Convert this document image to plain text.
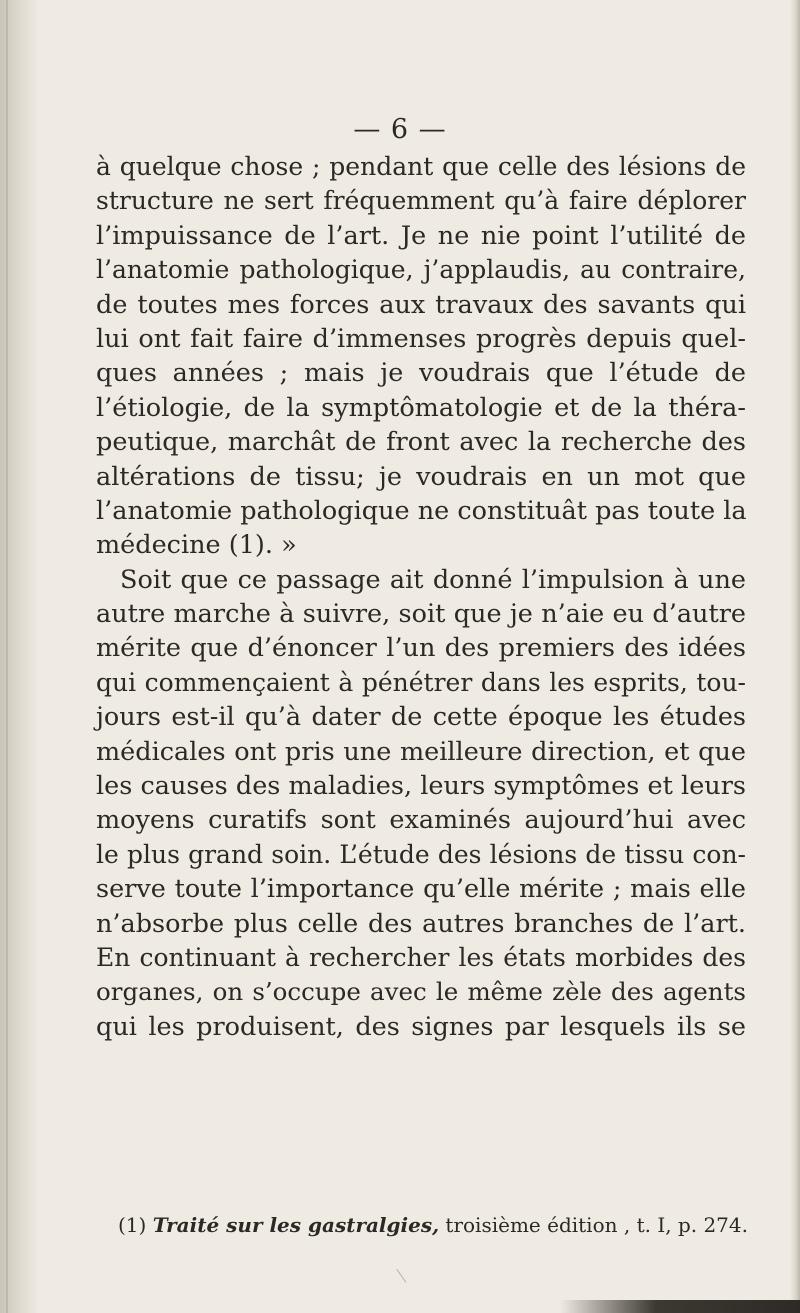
— 6 —
à quelque chose ; pendant que celle des lésions de
structure ne sert fréquemment qu’à faire déplorer
l’impuissance de l’art. Je ne nie point l’utilité de
l’anatomie pathologique, j’applaudis, au contraire,
de toutes mes forces aux travaux des savants qui
lui ont fait faire d’immenses progrès depuis quel-
ques années ; mais je voudrais que l’étude de
l’étiologie, de la symptômatologie et de la théra-
peutique, marchât de front avec la recherche des
altérations de tissu; je voudrais en un mot que
l’anatomie pathologique ne constituât pas toute la
médecine (1). »
Soit que ce passage ait donné l’impulsion à une
autre marche à suivre, soit que je n’aie eu d’autre
mérite que d’énoncer l’un des premiers des idées
qui commençaient à pénétrer dans les esprits, tou-
jours est-il qu’à dater de cette époque les études
médicales ont pris une meilleure direction, et que
les causes des maladies, leurs symptômes et leurs
moyens curatifs sont examinés aujourd’hui avec
le plus grand soin. L’étude des lésions de tissu con-
serve toute l’importance qu’elle mérite ; mais elle
n’absorbe plus celle des autres branches de l’art.
En continuant à rechercher les états morbides des
organes, on s’occupe avec le même zèle des agents
qui les produisent, des signes par lesquels ils se
(1) Traité sur les gastralgies, troisième édition , t. I, p. 274.
